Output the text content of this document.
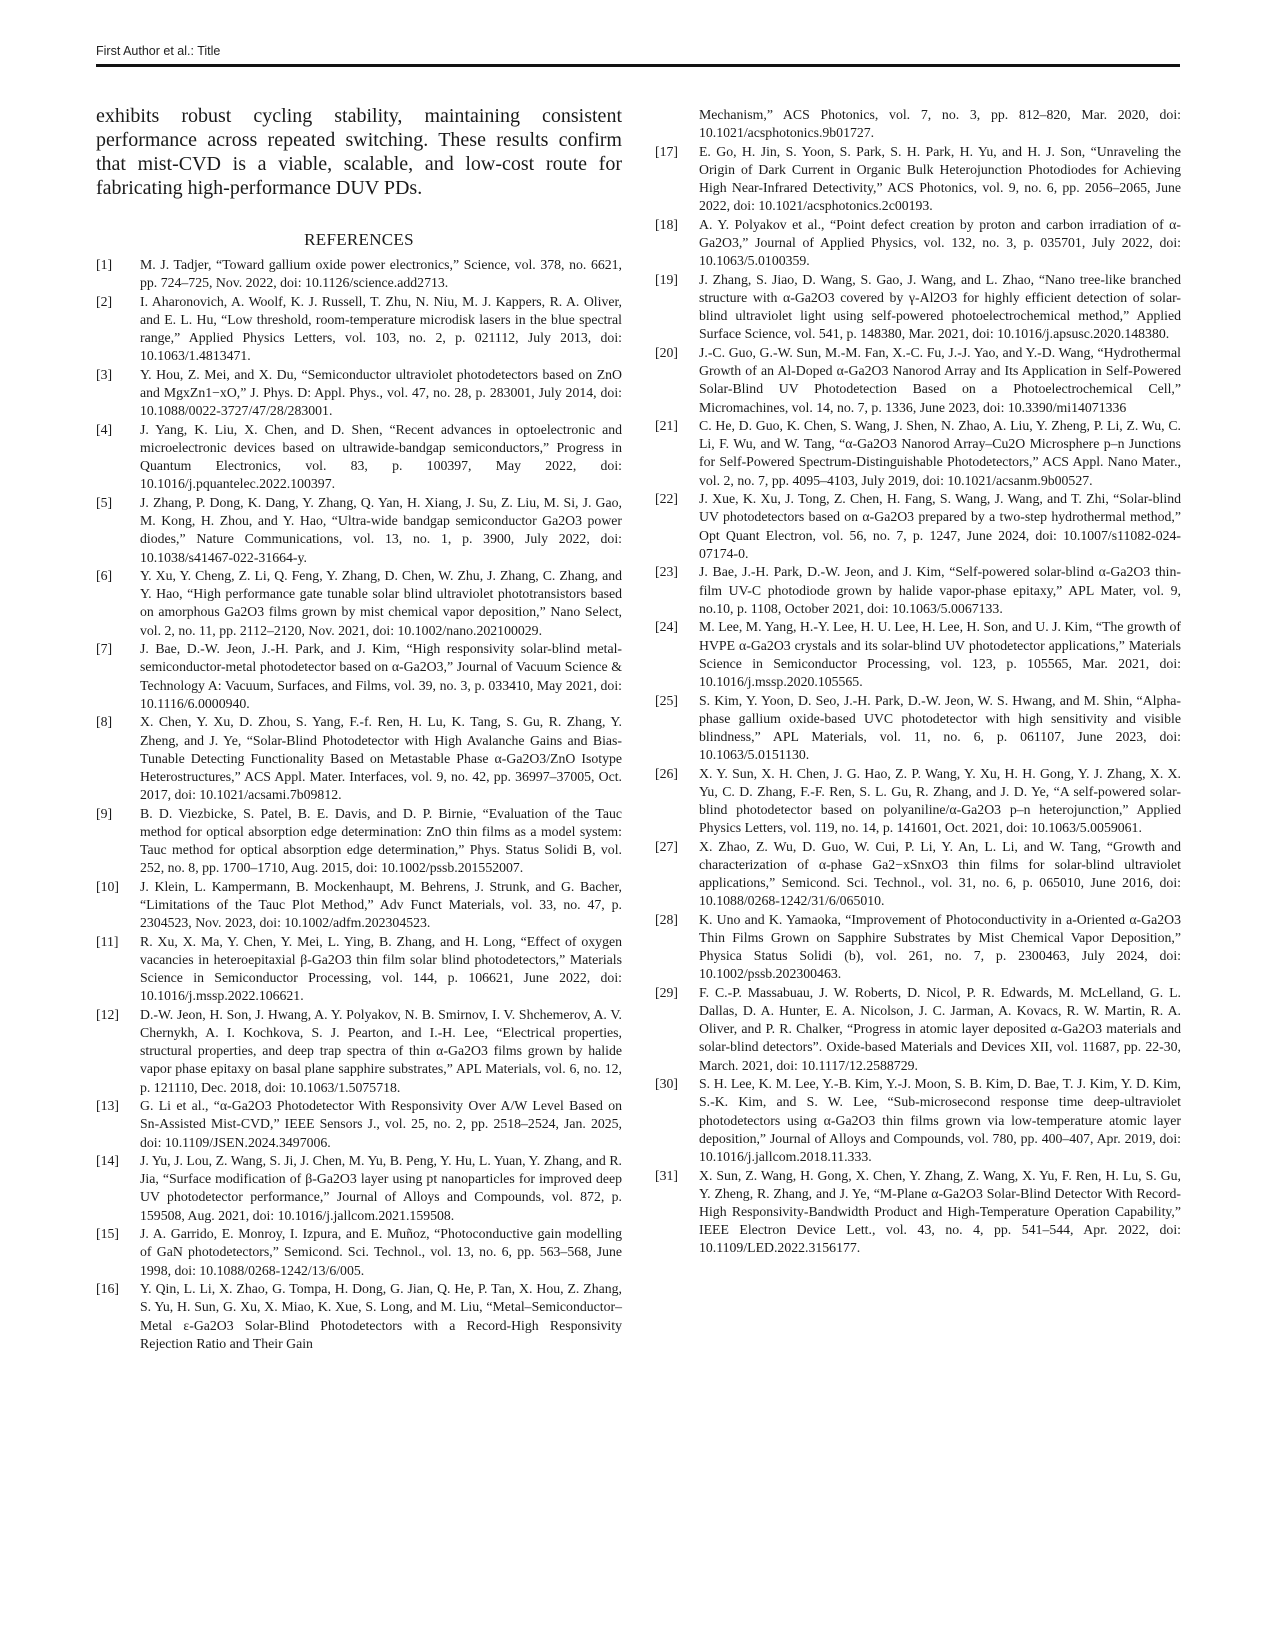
First Author et al.: Title

exhibits robust cycling stability, maintaining consistent performance across repeated switching. These results confirm that mist-CVD is a viable, scalable, and low-cost route for fabricating high-performance DUV PDs.

REFERENCES
[1]	M. J. Tadjer, “Toward gallium oxide power electronics,” Science, vol. 378, no. 6621, pp. 724–725, Nov. 2022, doi: 10.1126/science.add2713.
[2]	I. Aharonovich, A. Woolf, K. J. Russell, T. Zhu, N. Niu, M. J. Kappers, R. A. Oliver, and E. L. Hu, “Low threshold, room-temperature microdisk lasers in the blue spectral range,” Applied Physics Letters, vol. 103, no. 2, p. 021112, July 2013, doi: 10.1063/1.4813471.
[3]	Y. Hou, Z. Mei, and X. Du, “Semiconductor ultraviolet photodetectors based on ZnO and MgxZn1−xO,” J. Phys. D: Appl. Phys., vol. 47, no. 28, p. 283001, July 2014, doi: 10.1088/0022-3727/47/28/283001.
[4]	J. Yang, K. Liu, X. Chen, and D. Shen, “Recent advances in optoelectronic and microelectronic devices based on ultrawide-bandgap semiconductors,” Progress in Quantum Electronics, vol. 83, p. 100397, May 2022, doi: 10.1016/j.pquantelec.2022.100397.
[5]	J. Zhang, P. Dong, K. Dang, Y. Zhang, Q. Yan, H. Xiang, J. Su, Z. Liu, M. Si, J. Gao, M. Kong, H. Zhou, and Y. Hao, “Ultra-wide bandgap semiconductor Ga2O3 power diodes,” Nature Communications, vol. 13, no. 1, p. 3900, July 2022, doi: 10.1038/s41467-022-31664-y.
[6]	Y. Xu, Y. Cheng, Z. Li, Q. Feng, Y. Zhang, D. Chen, W. Zhu, J. Zhang, C. Zhang, and Y. Hao, “High performance gate tunable solar blind ultraviolet phototransistors based on amorphous Ga2O3 films grown by mist chemical vapor deposition,” Nano Select, vol. 2, no. 11, pp. 2112–2120, Nov. 2021, doi: 10.1002/nano.202100029.
[7]	J. Bae, D.-W. Jeon, J.-H. Park, and J. Kim, “High responsivity solar-blind metal-semiconductor-metal photodetector based on α-Ga2O3,” Journal of Vacuum Science & Technology A: Vacuum, Surfaces, and Films, vol. 39, no. 3, p. 033410, May 2021, doi: 10.1116/6.0000940.
[8]	X. Chen, Y. Xu, D. Zhou, S. Yang, F.-f. Ren, H. Lu, K. Tang, S. Gu, R. Zhang, Y. Zheng, and J. Ye, “Solar-Blind Photodetector with High Avalanche Gains and Bias-Tunable Detecting Functionality Based on Metastable Phase α-Ga2O3/ZnO Isotype Heterostructures,” ACS Appl. Mater. Interfaces, vol. 9, no. 42, pp. 36997–37005, Oct. 2017, doi: 10.1021/acsami.7b09812.
[9]	B. D. Viezbicke, S. Patel, B. E. Davis, and D. P. Birnie, “Evaluation of the Tauc method for optical absorption edge determination: ZnO thin films as a model system: Tauc method for optical absorption edge determination,” Phys. Status Solidi B, vol. 252, no. 8, pp. 1700–1710, Aug. 2015, doi: 10.1002/pssb.201552007.
[10]	J. Klein, L. Kampermann, B. Mockenhaupt, M. Behrens, J. Strunk, and G. Bacher, “Limitations of the Tauc Plot Method,” Adv Funct Materials, vol. 33, no. 47, p. 2304523, Nov. 2023, doi: 10.1002/adfm.202304523.
[11]	R. Xu, X. Ma, Y. Chen, Y. Mei, L. Ying, B. Zhang, and H. Long, “Effect of oxygen vacancies in heteroepitaxial β-Ga2O3 thin film solar blind photodetectors,” Materials Science in Semiconductor Processing, vol. 144, p. 106621, June 2022, doi: 10.1016/j.mssp.2022.106621.
[12]	D.-W. Jeon, H. Son, J. Hwang, A. Y. Polyakov, N. B. Smirnov, I. V. Shchemerov, A. V. Chernykh, A. I. Kochkova, S. J. Pearton, and I.-H. Lee, “Electrical properties, structural properties, and deep trap spectra of thin α-Ga2O3 films grown by halide vapor phase epitaxy on basal plane sapphire substrates,” APL Materials, vol. 6, no. 12, p. 121110, Dec. 2018, doi: 10.1063/1.5075718.
[13]	G. Li et al., “α-Ga2O3 Photodetector With Responsivity Over A/W Level Based on Sn-Assisted Mist-CVD,” IEEE Sensors J., vol. 25, no. 2, pp. 2518–2524, Jan. 2025, doi: 10.1109/JSEN.2024.3497006.
[14]	J. Yu, J. Lou, Z. Wang, S. Ji, J. Chen, M. Yu, B. Peng, Y. Hu, L. Yuan, Y. Zhang, and R. Jia, “Surface modification of β-Ga2O3 layer using pt nanoparticles for improved deep UV photodetector performance,” Journal of Alloys and Compounds, vol. 872, p. 159508, Aug. 2021, doi: 10.1016/j.jallcom.2021.159508.
[15]	J. A. Garrido, E. Monroy, I. Izpura, and E. Muñoz, “Photoconductive gain modelling of GaN photodetectors,” Semicond. Sci. Technol., vol. 13, no. 6, pp. 563–568, June 1998, doi: 10.1088/0268-1242/13/6/005.
[16]	Y. Qin, L. Li, X. Zhao, G. Tompa, H. Dong, G. Jian, Q. He, P. Tan, X. Hou, Z. Zhang, S. Yu, H. Sun, G. Xu, X. Miao, K. Xue, S. Long, and M. Liu, “Metal–Semiconductor–Metal ε-Ga2O3 Solar-Blind Photodetectors with a Record-High Responsivity Rejection Ratio and Their Gain
Mechanism,” ACS Photonics, vol. 7, no. 3, pp. 812–820, Mar. 2020, doi: 10.1021/acsphotonics.9b01727.
[17]	E. Go, H. Jin, S. Yoon, S. Park, S. H. Park, H. Yu, and H. J. Son, “Unraveling the Origin of Dark Current in Organic Bulk Heterojunction Photodiodes for Achieving High Near-Infrared Detectivity,” ACS Photonics, vol. 9, no. 6, pp. 2056–2065, June 2022, doi: 10.1021/acsphotonics.2c00193.
[18]	A. Y. Polyakov et al., “Point defect creation by proton and carbon irradiation of α-Ga2O3,” Journal of Applied Physics, vol. 132, no. 3, p. 035701, July 2022, doi: 10.1063/5.0100359.
[19]	J. Zhang, S. Jiao, D. Wang, S. Gao, J. Wang, and L. Zhao, “Nano tree-like branched structure with α-Ga2O3 covered by γ-Al2O3 for highly efficient detection of solar-blind ultraviolet light using self-powered photoelectrochemical method,” Applied Surface Science, vol. 541, p. 148380, Mar. 2021, doi: 10.1016/j.apsusc.2020.148380.
[20]	J.-C. Guo, G.-W. Sun, M.-M. Fan, X.-C. Fu, J.-J. Yao, and Y.-D. Wang, “Hydrothermal Growth of an Al-Doped α-Ga2O3 Nanorod Array and Its Application in Self-Powered Solar-Blind UV Photodetection Based on a Photoelectrochemical Cell,” Micromachines, vol. 14, no. 7, p. 1336, June 2023, doi: 10.3390/mi14071336
[21]	C. He, D. Guo, K. Chen, S. Wang, J. Shen, N. Zhao, A. Liu, Y. Zheng, P. Li, Z. Wu, C. Li, F. Wu, and W. Tang, “α-Ga2O3 Nanorod Array–Cu2O Microsphere p–n Junctions for Self-Powered Spectrum-Distinguishable Photodetectors,” ACS Appl. Nano Mater., vol. 2, no. 7, pp. 4095–4103, July 2019, doi: 10.1021/acsanm.9b00527.
[22]	J. Xue, K. Xu, J. Tong, Z. Chen, H. Fang, S. Wang, J. Wang, and T. Zhi, “Solar-blind UV photodetectors based on α-Ga2O3 prepared by a two-step hydrothermal method,” Opt Quant Electron, vol. 56, no. 7, p. 1247, June 2024, doi: 10.1007/s11082-024-07174-0.
[23]	J. Bae, J.-H. Park, D.-W. Jeon, and J. Kim, “Self-powered solar-blind α-Ga2O3 thin-film UV-C photodiode grown by halide vapor-phase epitaxy,” APL Mater, vol. 9, no.10, p. 1108, October 2021, doi: 10.1063/5.0067133.
[24]	M. Lee, M. Yang, H.-Y. Lee, H. U. Lee, H. Lee, H. Son, and U. J. Kim, “The growth of HVPE α-Ga2O3 crystals and its solar-blind UV photodetector applications,” Materials Science in Semiconductor Processing, vol. 123, p. 105565, Mar. 2021, doi: 10.1016/j.mssp.2020.105565.
[25]	S. Kim, Y. Yoon, D. Seo, J.-H. Park, D.-W. Jeon, W. S. Hwang, and M. Shin, “Alpha-phase gallium oxide-based UVC photodetector with high sensitivity and visible blindness,” APL Materials, vol. 11, no. 6, p. 061107, June 2023, doi: 10.1063/5.0151130.
[26]	X. Y. Sun, X. H. Chen, J. G. Hao, Z. P. Wang, Y. Xu, H. H. Gong, Y. J. Zhang, X. X. Yu, C. D. Zhang, F.-F. Ren, S. L. Gu, R. Zhang, and J. D. Ye, “A self-powered solar-blind photodetector based on polyaniline/α-Ga2O3 p–n heterojunction,” Applied Physics Letters, vol. 119, no. 14, p. 141601, Oct. 2021, doi: 10.1063/5.0059061.
[27]	X. Zhao, Z. Wu, D. Guo, W. Cui, P. Li, Y. An, L. Li, and W. Tang, “Growth and characterization of α-phase Ga2−xSnxO3 thin films for solar-blind ultraviolet applications,” Semicond. Sci. Technol., vol. 31, no. 6, p. 065010, June 2016, doi: 10.1088/0268-1242/31/6/065010.
[28]	K. Uno and K. Yamaoka, “Improvement of Photoconductivity in a-Oriented α-Ga2O3 Thin Films Grown on Sapphire Substrates by Mist Chemical Vapor Deposition,” Physica Status Solidi (b), vol. 261, no. 7, p. 2300463, July 2024, doi: 10.1002/pssb.202300463.
[29]	F. C.-P. Massabuau, J. W. Roberts, D. Nicol, P. R. Edwards, M. McLelland, G. L. Dallas, D. A. Hunter, E. A. Nicolson, J. C. Jarman, A. Kovacs, R. W. Martin, R. A. Oliver, and P. R. Chalker, “Progress in atomic layer deposited α-Ga2O3 materials and solar-blind detectors”. Oxide-based Materials and Devices XII, vol. 11687, pp. 22-30, March. 2021, doi: 10.1117/12.2588729.
[30]	S. H. Lee, K. M. Lee, Y.-B. Kim, Y.-J. Moon, S. B. Kim, D. Bae, T. J. Kim, Y. D. Kim, S.-K. Kim, and S. W. Lee, “Sub-microsecond response time deep-ultraviolet photodetectors using α-Ga2O3 thin films grown via low-temperature atomic layer deposition,” Journal of Alloys and Compounds, vol. 780, pp. 400–407, Apr. 2019, doi: 10.1016/j.jallcom.2018.11.333.
[31]	X. Sun, Z. Wang, H. Gong, X. Chen, Y. Zhang, Z. Wang, X. Yu, F. Ren, H. Lu, S. Gu, Y. Zheng, R. Zhang, and J. Ye, “M-Plane α-Ga2O3 Solar-Blind Detector With Record-High Responsivity-Bandwidth Product and High-Temperature Operation Capability,” IEEE Electron Device Lett., vol. 43, no. 4, pp. 541–544, Apr. 2022, doi: 10.1109/LED.2022.3156177.
